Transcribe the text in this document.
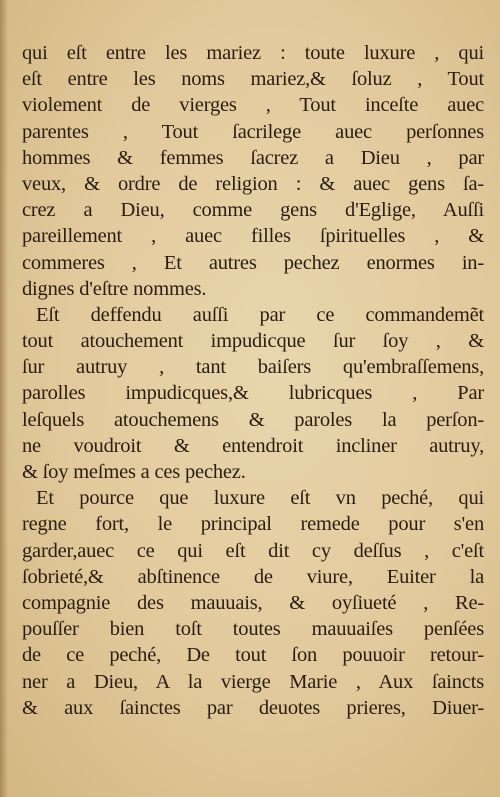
qui eſt entre les mariez : toute luxure , qui
eſt entre les noms mariez,& ſoluz , Tout
violement de vierges , Tout inceſte auec
parentes , Tout ſacrilege auec perſonnes
hommes & femmes ſacrez a Dieu , par
veux, & ordre de religion : & auec gens ſa-
crez a Dieu, comme gens d'Eglige, Auſſi
pareillement , auec filles ſpirituelles , &
commeres , Et autres pechez enormes in-
dignes d'eſtre nommes.
Eſt deffendu auſſi par ce commandemẽt
tout atouchement impudicque ſur ſoy , &
ſur autruy , tant baiſers qu'embraſſemens,
parolles impudicques,& lubricques , Par
leſquels atouchemens & paroles la perſon-
ne voudroit & entendroit incliner autruy,
& ſoy meſmes a ces pechez.
Et pource que luxure eſt vn peché, qui
regne fort, le principal remede pour s'en
garder,auec ce qui eſt dit cy deſſus , c'eſt
ſobrieté,& abſtinence de viure, Euiter la
compagnie des mauuais, & oyſiueté , Re-
pouſſer bien toſt toutes mauuaiſes penſées
de ce peché, De tout ſon pouuoir retour-
ner a Dieu, A la vierge Marie , Aux ſaincts
& aux ſainctes par deuotes prieres, Diuer-
